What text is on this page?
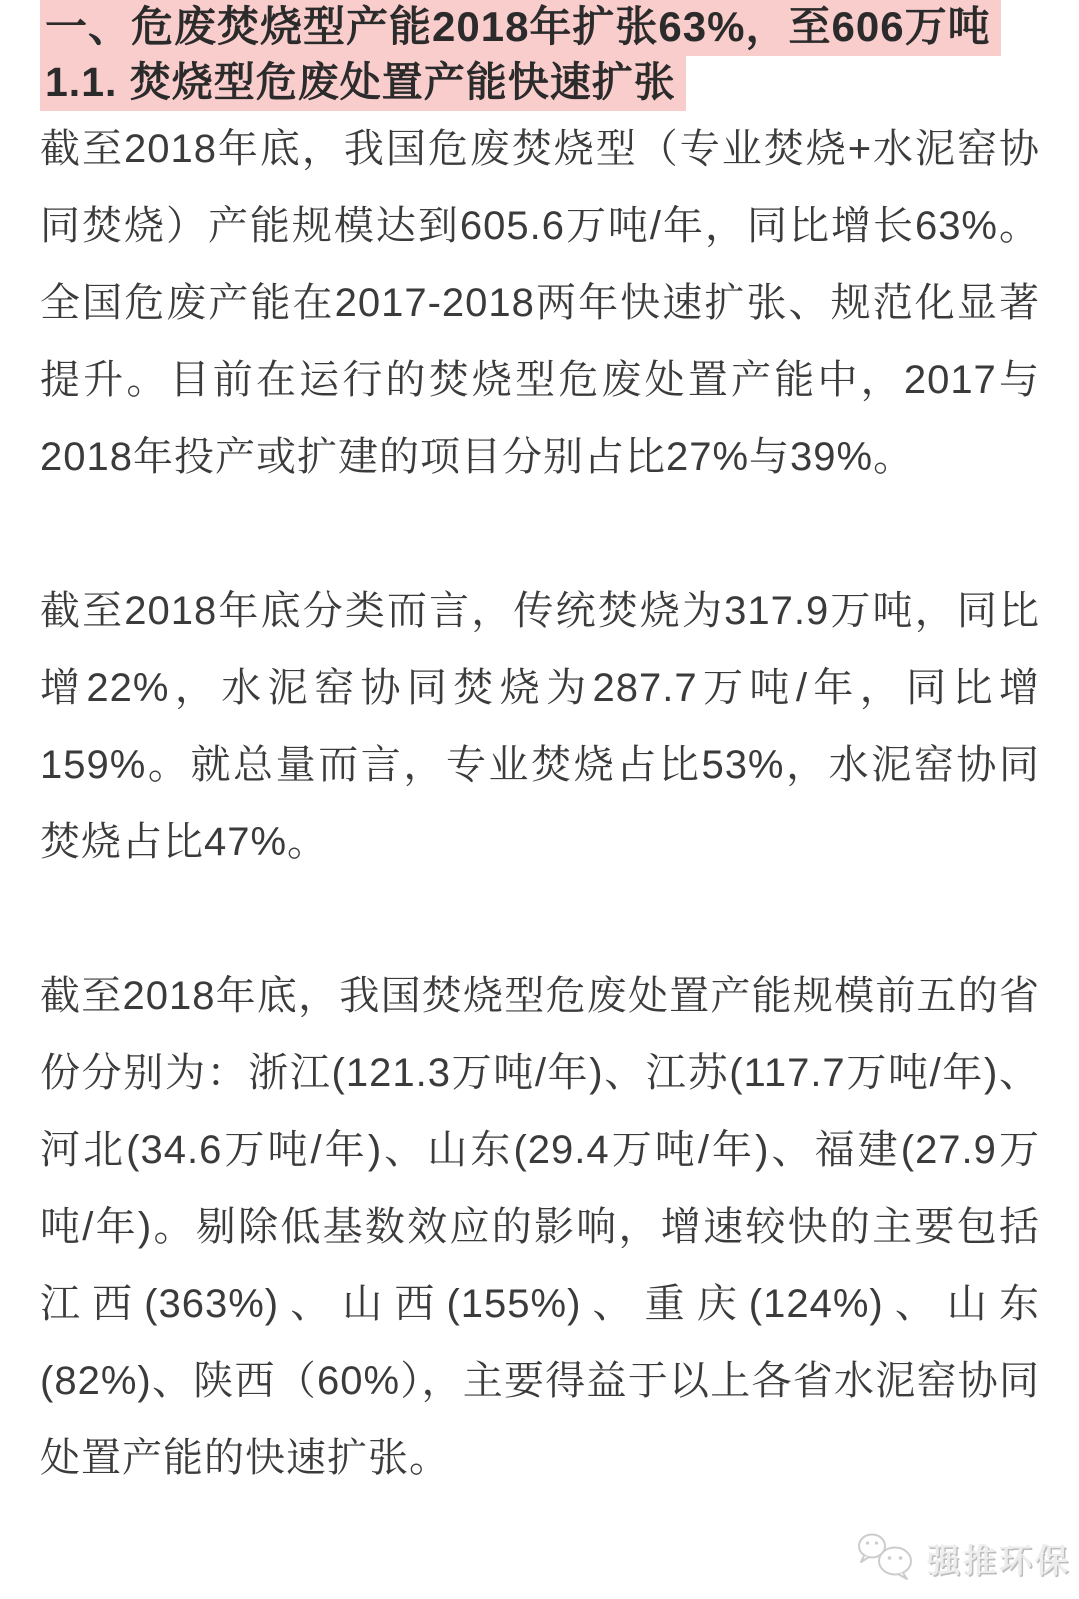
一、危废焚烧型产能2018年扩张63%，至606万吨
1.1. 焚烧型危废处置产能快速扩张

截至2018年底，我国危废焚烧型（专业焚烧+水泥窑协同焚烧）产能规模达到605.6万吨/年，同比增长63%。全国危废产能在2017-2018两年快速扩张、规范化显著提升。目前在运行的焚烧型危废处置产能中，2017与2018年投产或扩建的项目分别占比27%与39%。

截至2018年底分类而言，传统焚烧为317.9万吨，同比增22%，水泥窑协同焚烧为287.7万吨/年，同比增159%。就总量而言，专业焚烧占比53%，水泥窑协同焚烧占比47%。

截至2018年底，我国焚烧型危废处置产能规模前五的省份分别为：浙江(121.3万吨/年)、江苏(117.7万吨/年)、河北(34.6万吨/年)、山东(29.4万吨/年)、福建(27.9万吨/年)。剔除低基数效应的影响，增速较快的主要包括江西(363%)、山西(155%)、重庆(124%)、山东(82%)、陕西（60%），主要得益于以上各省水泥窑协同处置产能的快速扩张。

强推环保
